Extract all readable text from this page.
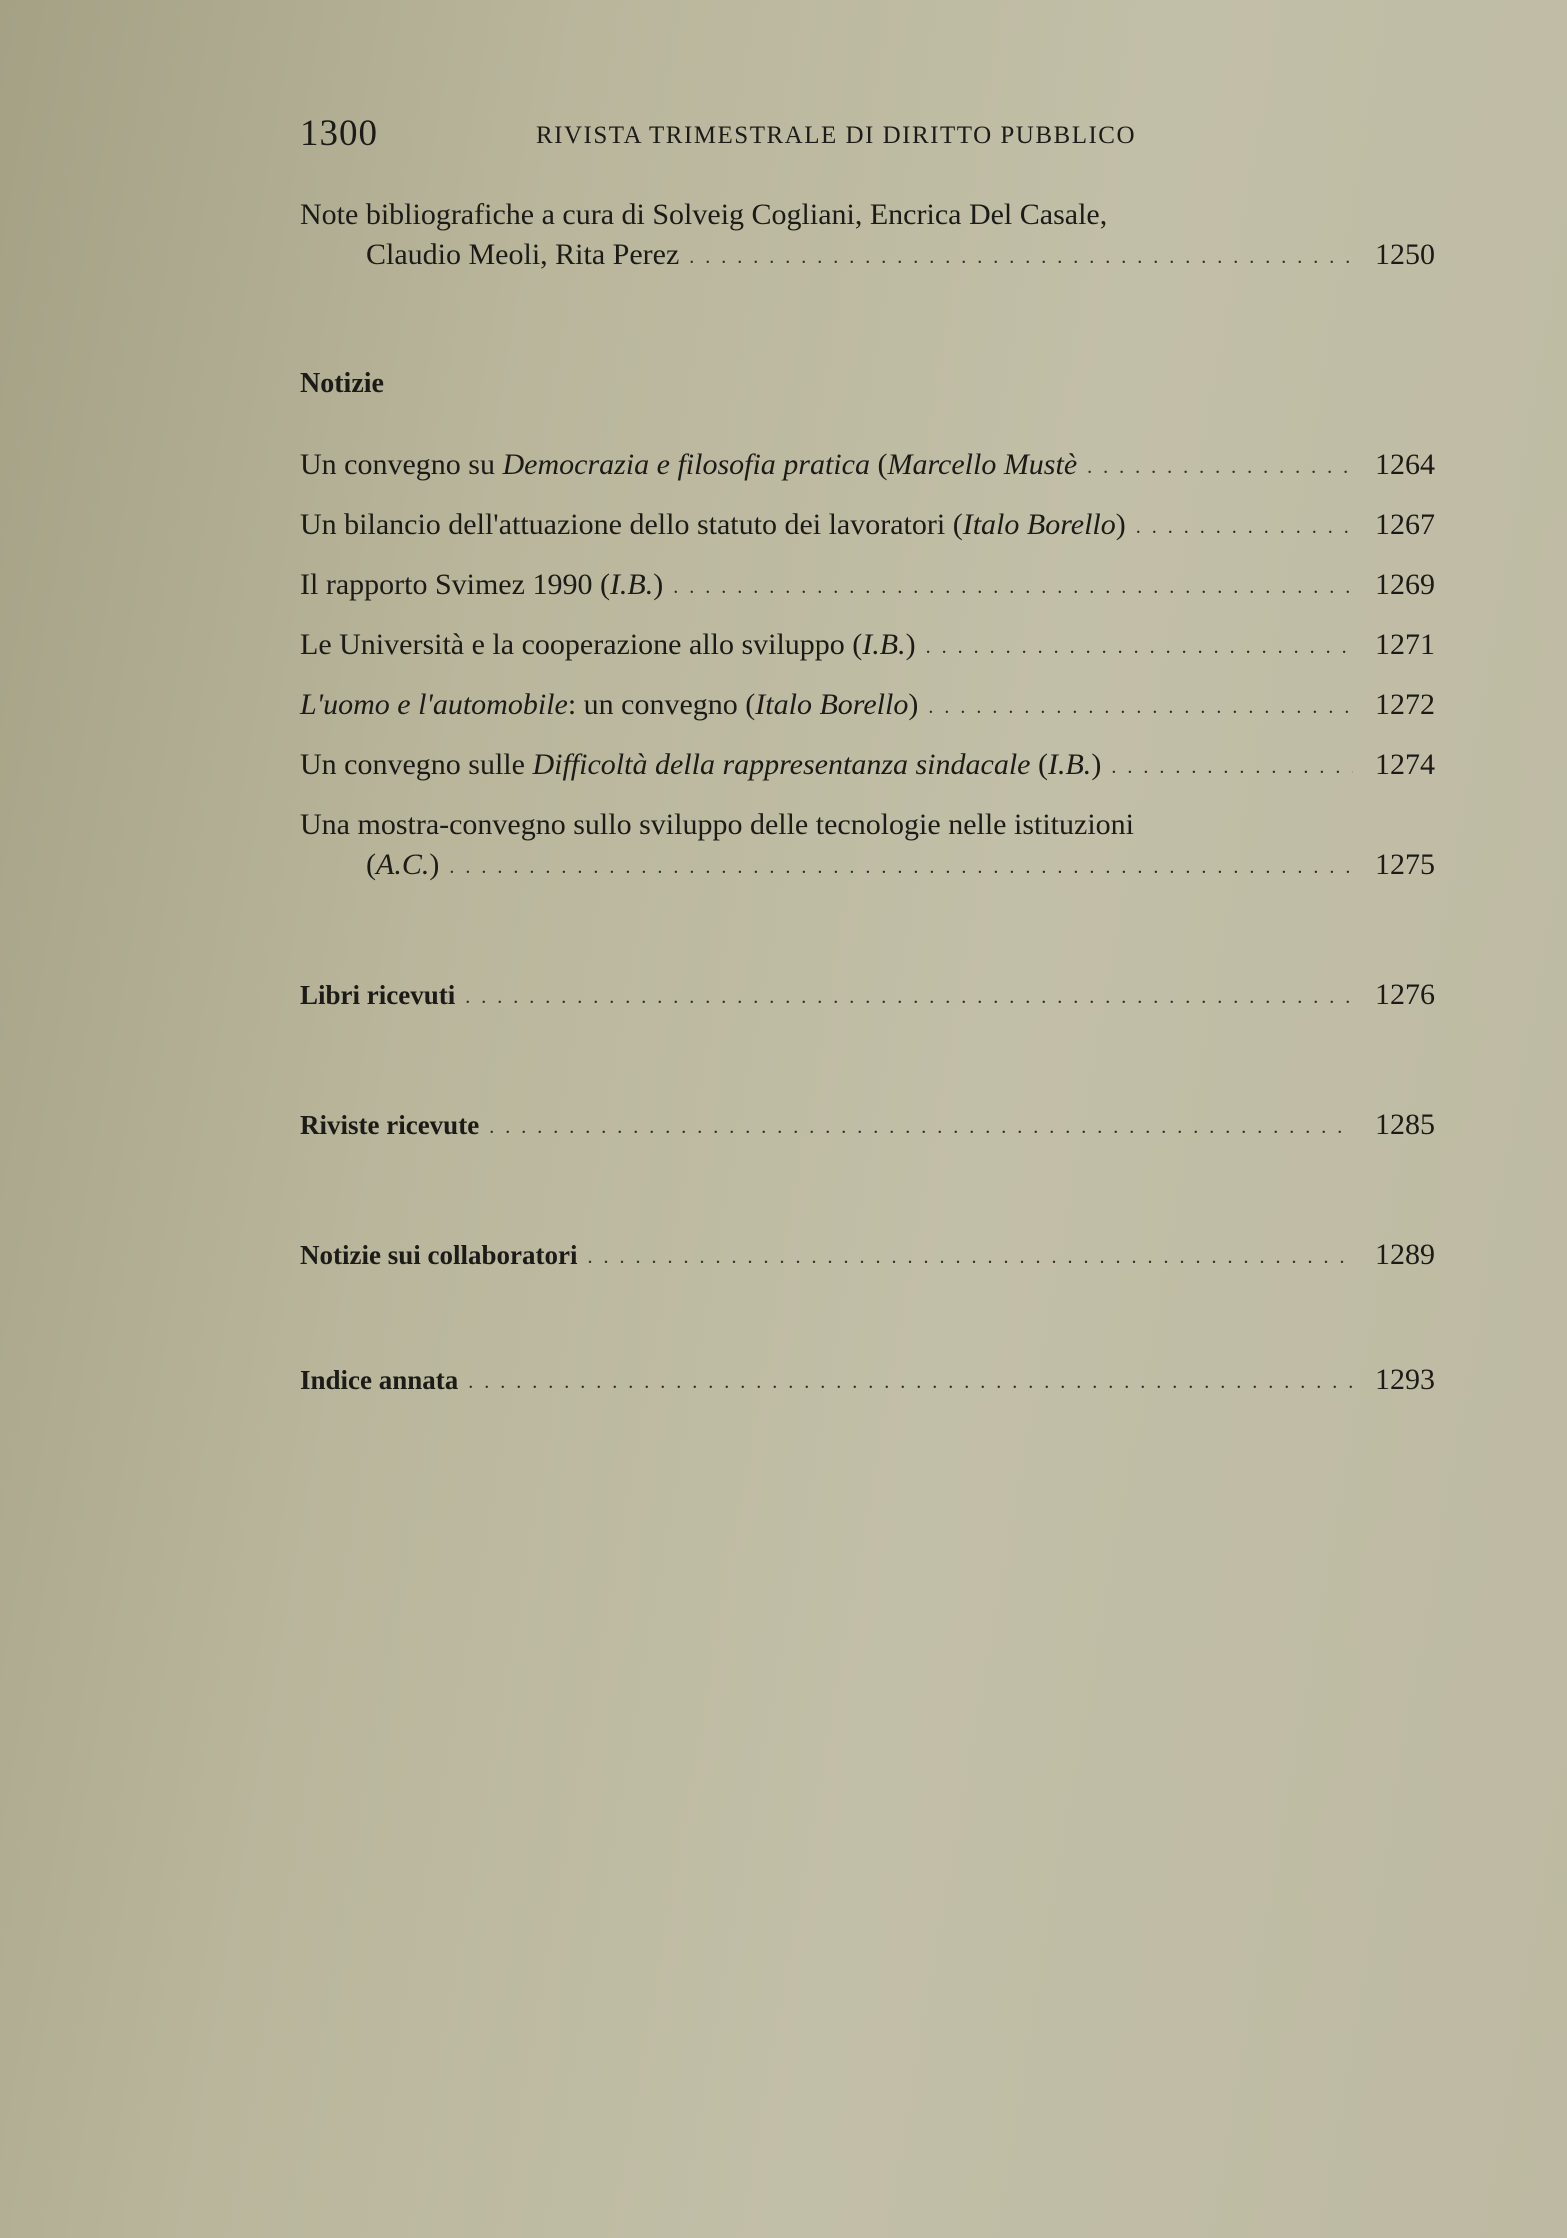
1300	RIVISTA TRIMESTRALE DI DIRITTO PUBBLICO
Note bibliografiche a cura di Solveig Cogliani, Encrica Del Casale,
Claudio Meoli, Rita Perez . . .	1250
Notizie
Un convegno su Democrazia e filosofia pratica (Marcello Mustè . . .	1264
Un bilancio dell'attuazione dello statuto dei lavoratori (Italo Borello) . . .	1267
Il rapporto Svimez 1990 (I.B.) . . .	1269
Le Università e la cooperazione allo sviluppo (I.B.) . . .	1271
L'uomo e l'automobile: un convegno (Italo Borello) . . .	1272
Un convegno sulle Difficoltà della rappresentanza sindacale (I.B.) . . .	1274
Una mostra-convegno sullo sviluppo delle tecnologie nelle istituzioni
(A.C.) . . .	1275
Libri ricevuti . . .	1276
Riviste ricevute . . .	1285
Notizie sui collaboratori . . .	1289
Indice annata . . .	1293
